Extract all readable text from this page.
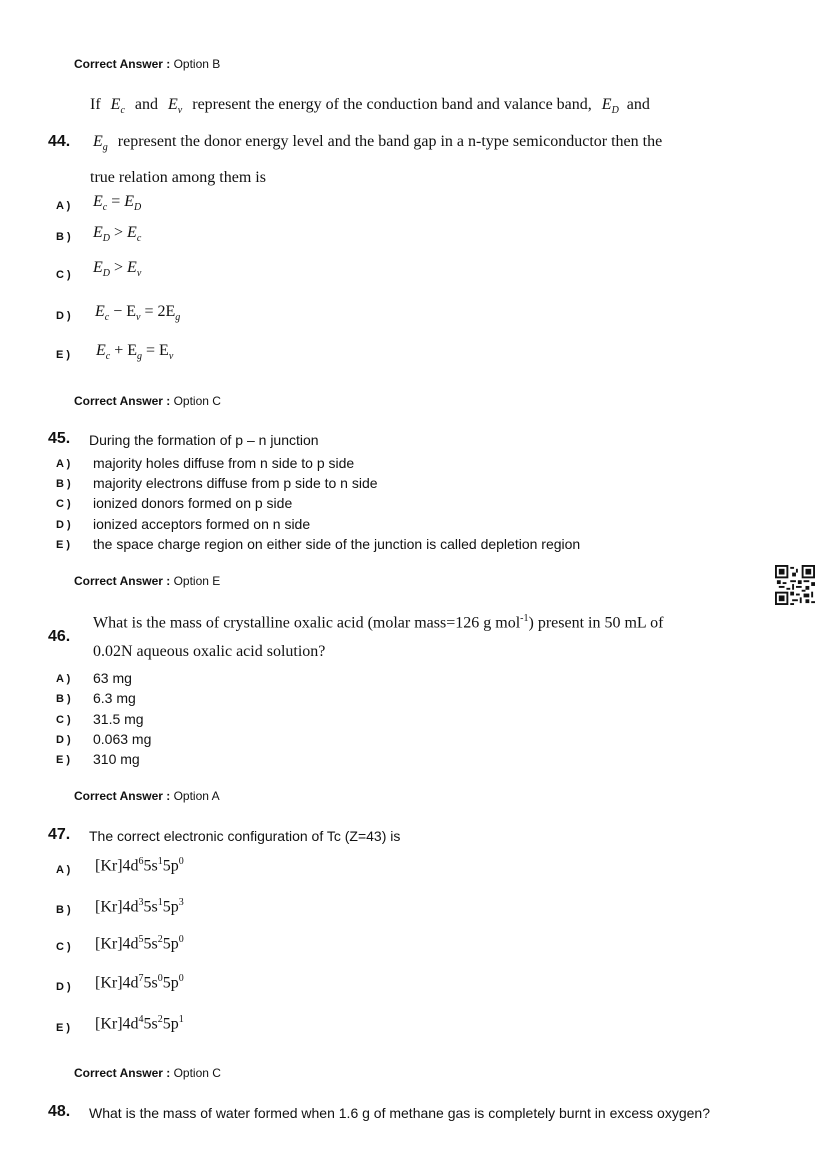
Correct Answer : Option B
44.
If $E_c$ and $E_v$ represent the energy of the conduction band and valance band, $E_D$ and
$E_g$ represent the donor energy level and the band gap in a n-type semiconductor then the
true relation among them is
A )	$E_c = E_D$
B )	$E_D > E_c$
C )	$E_D > E_v$
D )	$E_c - E_v = 2E_g$
E )	$E_c + E_g = E_v$
Correct Answer : Option C
45. During the formation of p – n junction
A )	majority holes diffuse from n side to p side
B )	majority electrons diffuse from p side to n side
C )	ionized donors formed on p side
D )	ionized acceptors formed on n side
E )	the space charge region on either side of the junction is called depletion region
Correct Answer : Option E
46.
What is the mass of crystalline oxalic acid (molar mass=126 g mol$^{-1}$) present in 50 mL of
0.02N aqueous oxalic acid solution?
A )	63 mg
B )	6.3 mg
C )	31.5 mg
D )	0.063 mg
E )	310 mg
Correct Answer : Option A
47. The correct electronic configuration of Tc (Z=43) is
A )	$[Kr]4d^65s^15p^0$
B )	$[Kr]4d^35s^15p^3$
C )	$[Kr]4d^55s^25p^0$
D )	$[Kr]4d^75s^05p^0$
E )	$[Kr]4d^45s^25p^1$
Correct Answer : Option C
48. What is the mass of water formed when 1.6 g of methane gas is completely burnt in excess oxygen?
